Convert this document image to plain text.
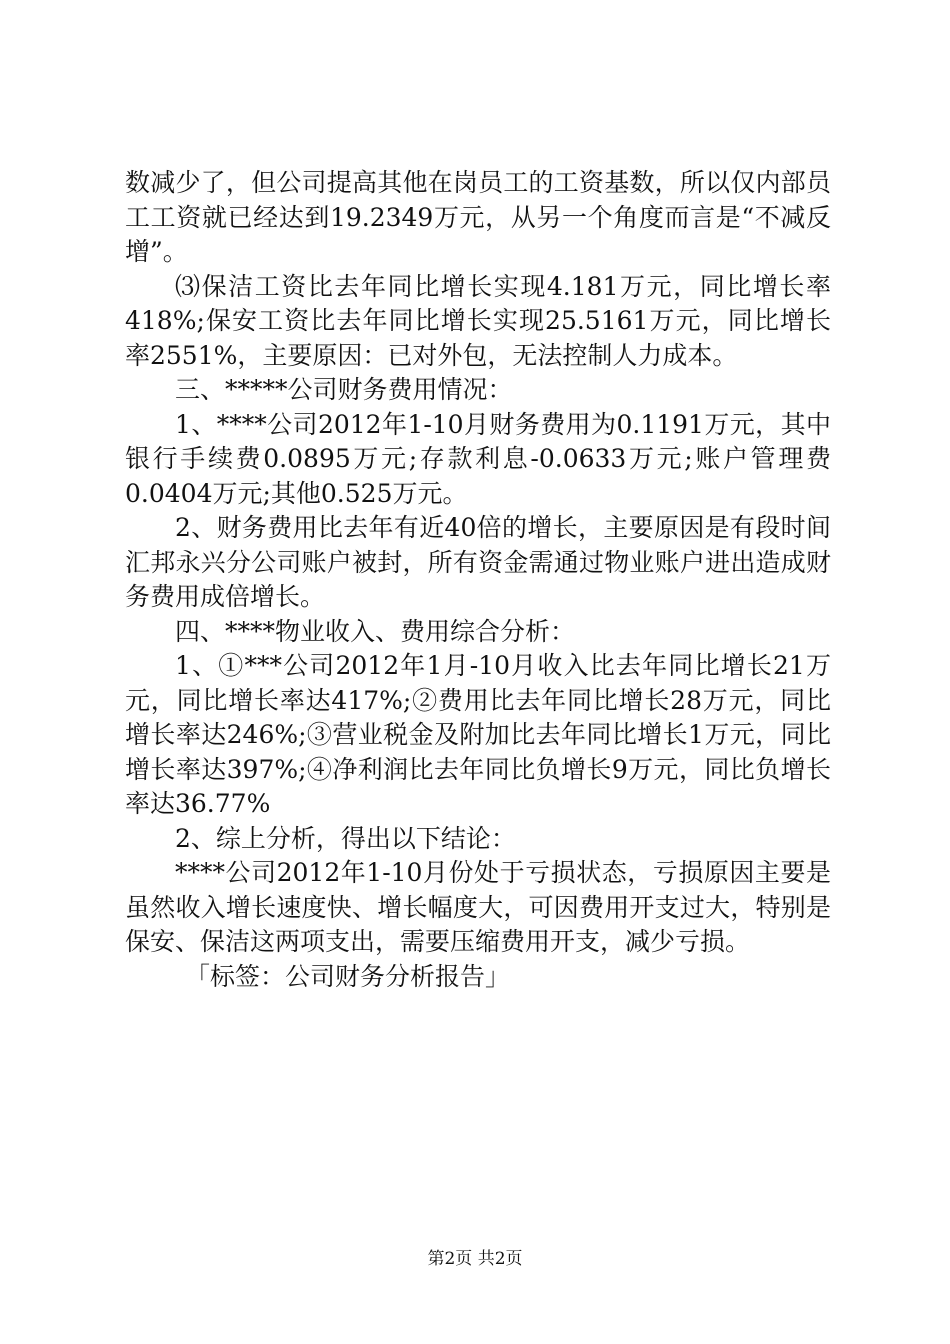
数减少了，但公司提高其他在岗员工的工资基数，所以仅内部员工工资就已经达到19.2349万元，从另一个角度而言是“不减反增”。

⑶保洁工资比去年同比增长实现4.181万元，同比增长率418%;保安工资比去年同比增长实现25.5161万元，同比增长率2551%，主要原因：已对外包，无法控制人力成本。

三、*****公司财务费用情况：

1、****公司2012年1-10月财务费用为0.1191万元，其中银行手续费0.0895万元;存款利息-0.0633万元;账户管理费0.0404万元;其他0.525万元。

2、财务费用比去年有近40倍的增长，主要原因是有段时间汇邦永兴分公司账户被封，所有资金需通过物业账户进出造成财务费用成倍增长。

四、****物业收入、费用综合分析：

1、①***公司2012年1月-10月收入比去年同比增长21万元，同比增长率达417%;②费用比去年同比增长28万元，同比增长率达246%;③营业税金及附加比去年同比增长1万元，同比增长率达397%;④净利润比去年同比负增长9万元，同比负增长率达36.77%

2、综上分析，得出以下结论：

****公司2012年1-10月份处于亏损状态，亏损原因主要是虽然收入增长速度快、增长幅度大，可因费用开支过大，特别是保安、保洁这两项支出，需要压缩费用开支，减少亏损。

「标签：公司财务分析报告」

第2页 共2页
